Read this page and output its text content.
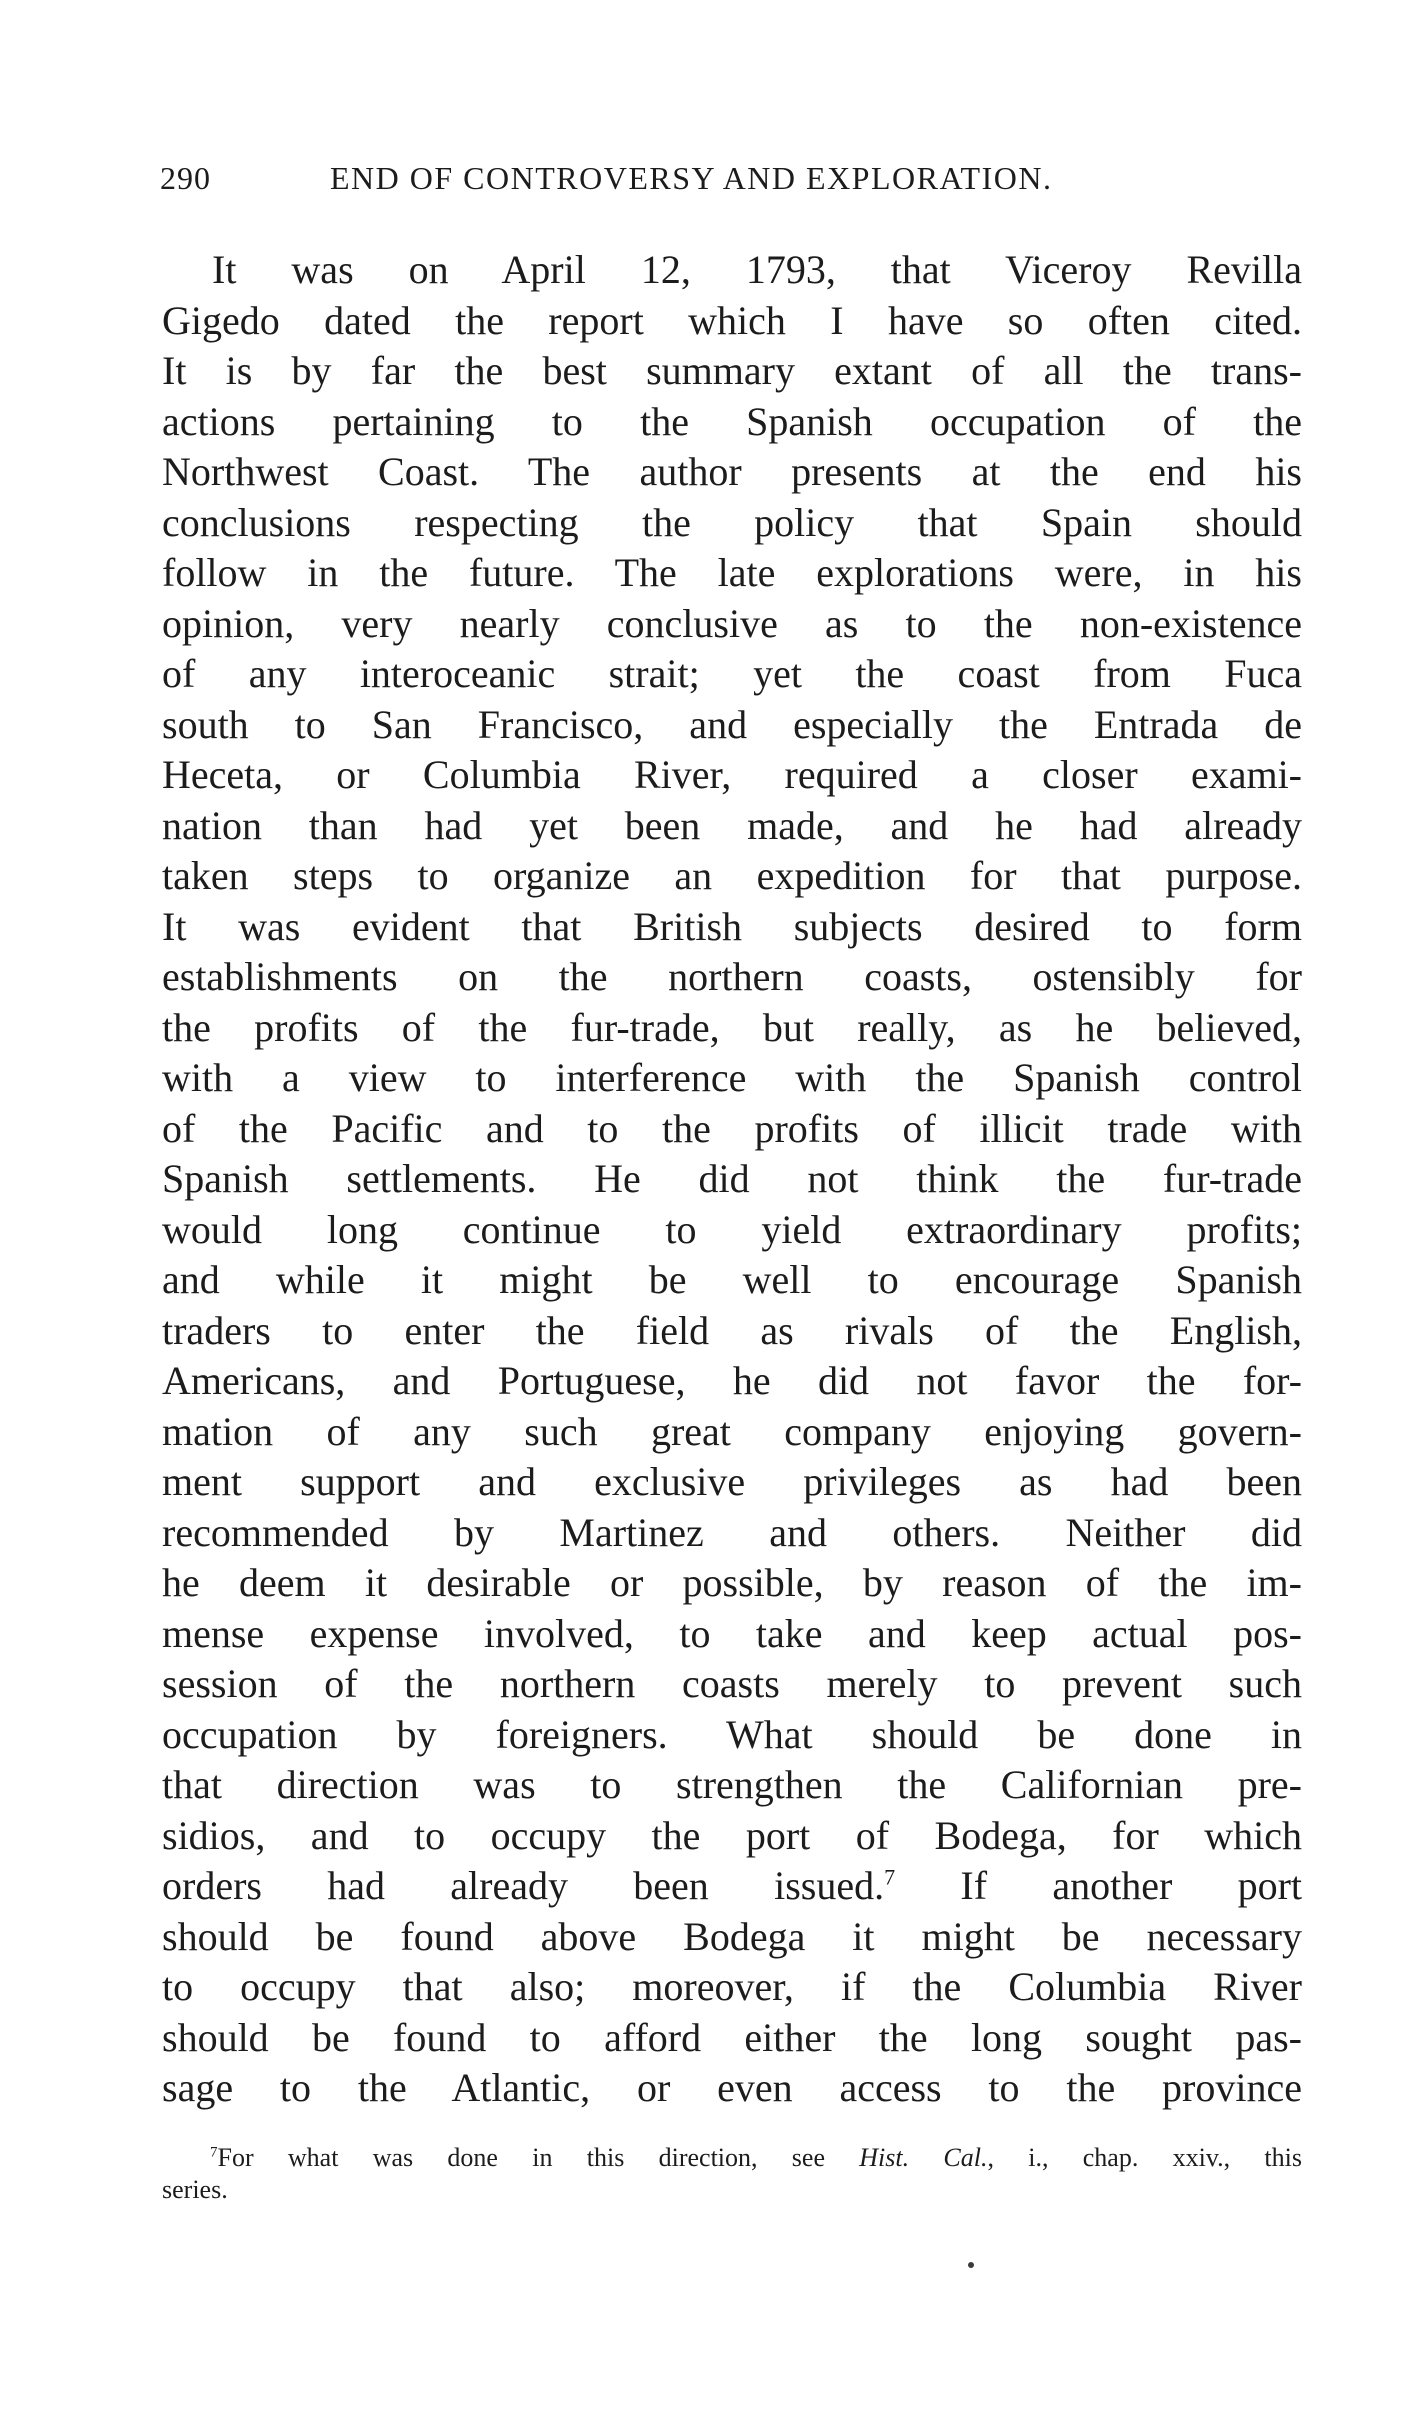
290	END OF CONTROVERSY AND EXPLORATION.
It was on April 12, 1793, that Viceroy Revilla
Gigedo dated the report which I have so often cited.
It is by far the best summary extant of all the trans-
actions pertaining to the Spanish occupation of the
Northwest Coast. The author presents at the end his
conclusions respecting the policy that Spain should
follow in the future. The late explorations were, in his
opinion, very nearly conclusive as to the non-existence
of any interoceanic strait; yet the coast from Fuca
south to San Francisco, and especially the Entrada de
Heceta, or Columbia River, required a closer exami-
nation than had yet been made, and he had already
taken steps to organize an expedition for that purpose.
It was evident that British subjects desired to form
establishments on the northern coasts, ostensibly for
the profits of the fur-trade, but really, as he believed,
with a view to interference with the Spanish control
of the Pacific and to the profits of illicit trade with
Spanish settlements. He did not think the fur-trade
would long continue to yield extraordinary profits;
and while it might be well to encourage Spanish
traders to enter the field as rivals of the English,
Americans, and Portuguese, he did not favor the for-
mation of any such great company enjoying govern-
ment support and exclusive privileges as had been
recommended by Martinez and others. Neither did
he deem it desirable or possible, by reason of the im-
mense expense involved, to take and keep actual pos-
session of the northern coasts merely to prevent such
occupation by foreigners. What should be done in
that direction was to strengthen the Californian pre-
sidios, and to occupy the port of Bodega, for which
orders had already been issued.$^7$ If another port
should be found above Bodega it might be necessary
to occupy that also; moreover, if the Columbia River
should be found to afford either the long sought pas-
sage to the Atlantic, or even access to the province
$^7$For what was done in this direction, see Hist. Cal., i., chap. xxiv., this
series.
